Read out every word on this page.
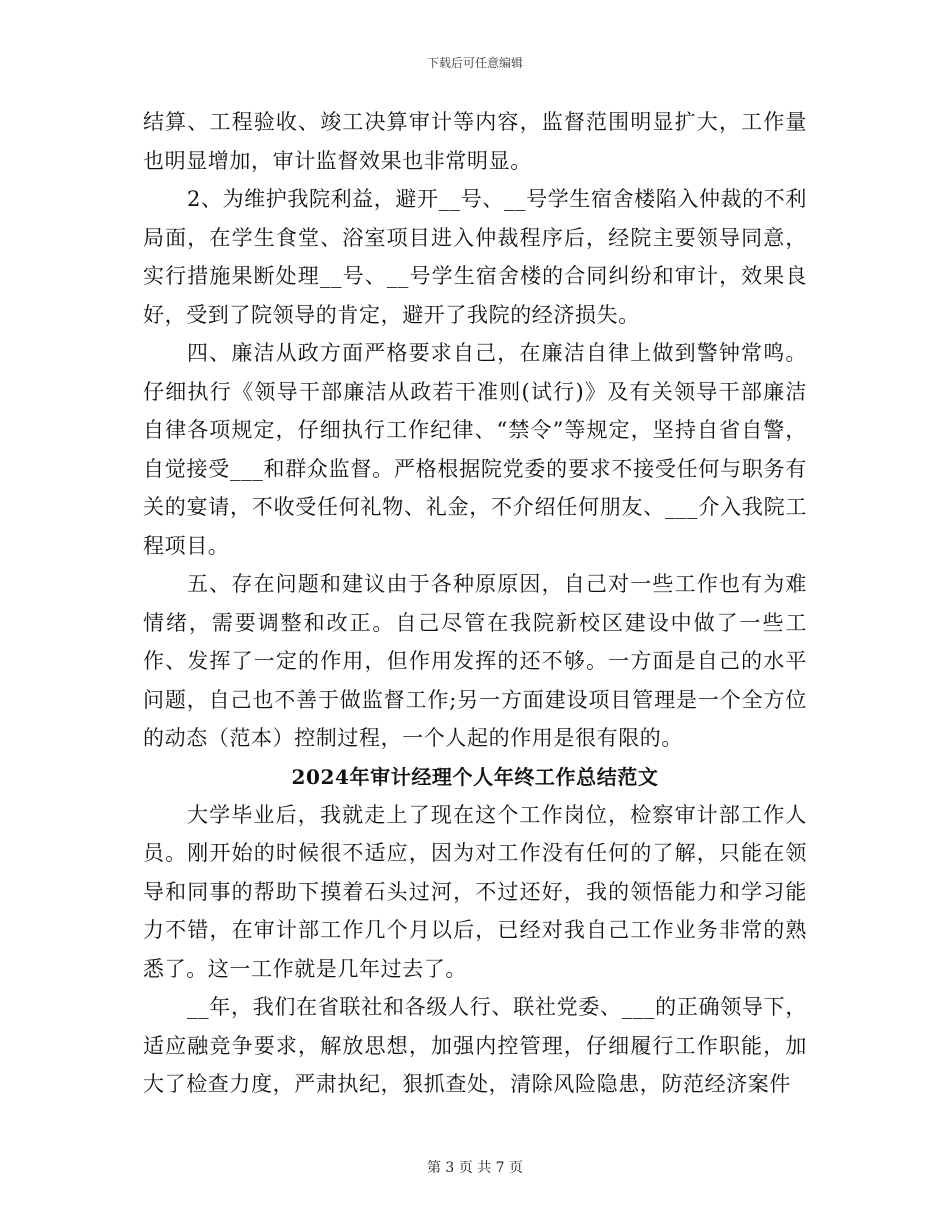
下载后可任意编辑

结算、工程验收、竣工决算审计等内容，监督范围明显扩大，工作量也明显增加，审计监督效果也非常明显。

2、为维护我院利益，避开__号、__号学生宿舍楼陷入仲裁的不利局面，在学生食堂、浴室项目进入仲裁程序后，经院主要领导同意，实行措施果断处理__号、__号学生宿舍楼的合同纠纷和审计，效果良好，受到了院领导的肯定，避开了我院的经济损失。

四、廉洁从政方面严格要求自己，在廉洁自律上做到警钟常鸣。仔细执行《领导干部廉洁从政若干准则(试行)》及有关领导干部廉洁自律各项规定，仔细执行工作纪律、“禁令”等规定，坚持自省自警，自觉接受___和群众监督。严格根据院党委的要求不接受任何与职务有关的宴请，不收受任何礼物、礼金，不介绍任何朋友、___介入我院工程项目。

五、存在问题和建议由于各种原原因，自己对一些工作也有为难情绪，需要调整和改正。自己尽管在我院新校区建设中做了一些工作、发挥了一定的作用，但作用发挥的还不够。一方面是自己的水平问题，自己也不善于做监督工作;另一方面建设项目管理是一个全方位的动态（范本）控制过程，一个人起的作用是很有限的。

2024年审计经理个人年终工作总结范文

大学毕业后，我就走上了现在这个工作岗位，检察审计部工作人员。刚开始的时候很不适应，因为对工作没有任何的了解，只能在领导和同事的帮助下摸着石头过河，不过还好，我的领悟能力和学习能力不错，在审计部工作几个月以后，已经对我自己工作业务非常的熟悉了。这一工作就是几年过去了。

__年，我们在省联社和各级人行、联社党委、___的正确领导下，适应融竞争要求，解放思想，加强内控管理，仔细履行工作职能，加大了检查力度，严肃执纪，狠抓查处，清除风险隐患，防范经济案件

第 3 页 共 7 页
